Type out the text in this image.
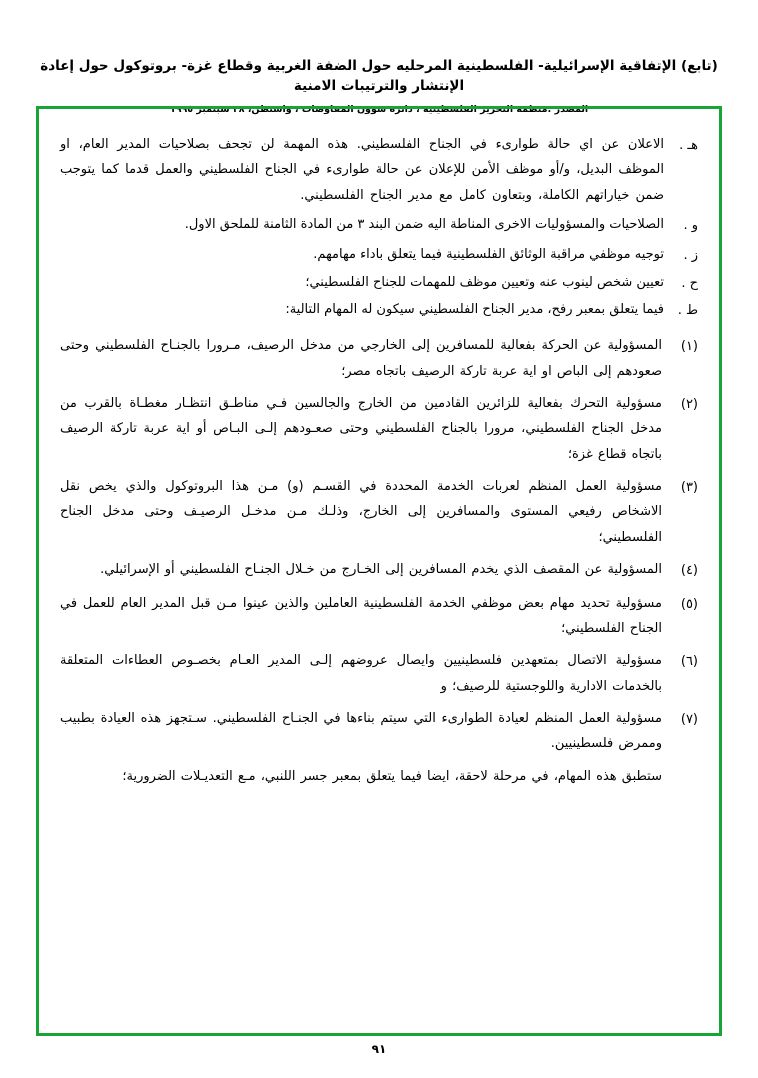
(تابع) الإتفاقية الإسرائيلية- الفلسطينية المرحليه حول الضفة الغربية وقطاع غزة- بروتوكول حول إعادة الإنتشار والترتيبات الامنية
المصدر :منظمة التحرير الفلسطينية ، دائرة شؤون المفاوضات ، واشنطن، ٢٨ سبتمبر ١٩٩٥
هـ .
الاعلان عن اي حالة طوارىء في الجناح الفلسطيني. هذه المهمة لن تجحف بصلاحيات المدير العام، او الموظف البديل، و/أو موظف الأمن للإعلان عن حالة طوارىء في الجناح الفلسطيني والعمل قدما كما يتوجب ضمن خياراتهم الكاملة، وبتعاون كامل مع مدير الجناح الفلسطيني.
و .
الصلاحيات والمسؤوليات الاخرى المناطة اليه ضمن البند ٣ من المادة الثامنة للملحق الاول.
ز .
توجيه موظفي مراقبة الوثائق الفلسطينية فيما يتعلق باداء مهامهم.
ح .
تعيين شخص لينوب عنه وتعيين موظف للمهمات للجناح الفلسطيني؛
ط .
فيما يتعلق بمعبر رفح، مدير الجناح الفلسطيني سيكون له المهام التالية:
(١)
المسؤولية عن الحركة بفعالية للمسافرين إلى الخارجي من مدخل الرصيف، مـرورا بالجنـاح الفلسطيني وحتى صعودهم إلى الباص او اية عربة تاركة الرصيف باتجاه مصر؛
(٢)
مسؤولية التحرك بفعالية للزائرين القادمين من الخارج والجالسين فـي مناطـق انتظـار مغطـاة بالقرب من مدخل الجناح الفلسطيني، مرورا بالجناح الفلسطيني وحتى صعـودهم إلـى البـاص أو اية عربة تاركة الرصيف باتجاه قطاع غزة؛
(٣)
مسؤولية العمل المنظم لعربات الخدمة المحددة في القسـم (و) مـن هذا البروتوكول والذي يخص نقل الاشخاص رفيعي المستوى والمسافرين إلى الخارج، وذلـك مـن مدخـل الرصيـف وحتى مدخل الجناح الفلسطيني؛
(٤)
المسؤولية عن المقصف الذي يخدم المسافرين إلى الخـارج من خـلال الجنـاح الفلسطيني أو الإسرائيلي.
(٥)
مسؤولية تحديد مهام بعض موظفي الخدمة الفلسطينية العاملين والذين عينوا مـن قبل المدير العام للعمل في الجناح الفلسطيني؛
(٦)
مسؤولية الاتصال بمتعهدين فلسطينيين وايصال عروضهم إلـى المدير العـام بخصـوص العطاءات المتعلقة بالخدمات الادارية واللوجستية للرصيف؛ و
(٧)
مسؤولية العمل المنظم لعيادة الطوارىء التي سيتم بناءها في الجنـاح الفلسطيني. سـتجهز هذه العيادة بطبيب وممرض فلسطينيين.
ستطبق هذه المهام، في مرحلة لاحقة، ايضا فيما يتعلق بمعبر جسر اللنبي، مـع التعديـلات الضرورية؛
٩١
